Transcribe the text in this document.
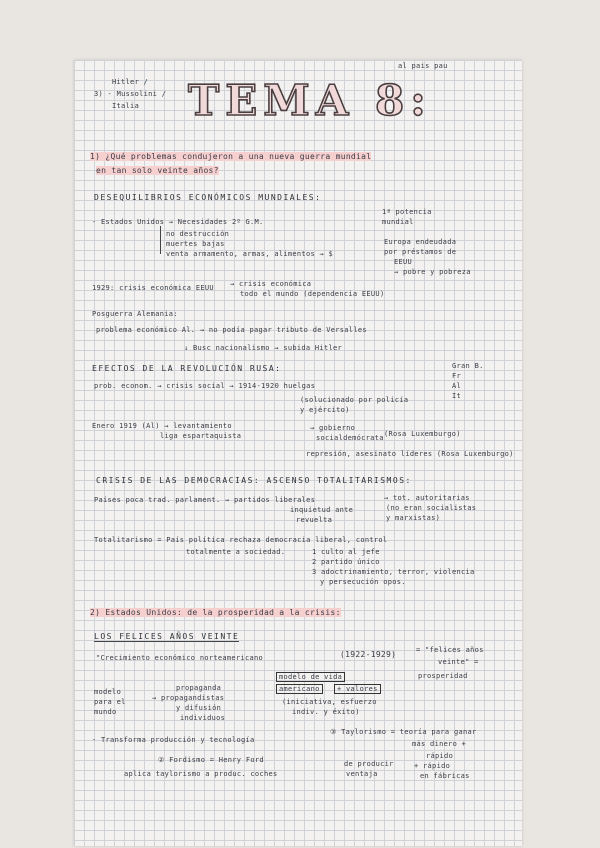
al pais pau
Hitler /
3) - Mussolini /
Italia TEMA 8:
1) ¿Qué problemas condujeron a una nueva guerra mundial
en tan solo veinte años?
DESEQUILIBRIOS ECONÓMICOS MUNDIALES:
- Estados Unidos → Necesidades 2º G.M.
no destrucción
muertes bajas
venta armamento, armas, alimentos → $
1ª potencia
mundial
Europa endeudada
por préstamos de
EEUU
1929: crisis económica EEUU → crisis económica
todo el mundo (dependencia EEUU)
→ pobre y pobreza
Posguerra Alemania:
problema económico Al. → no podía pagar tributo de Versalles
↓ Busc nacionalismo → subida Hitler
EFECTOS DE LA REVOLUCIÓN RUSA:
prob. econom. → crisis social → 1914-1920 huelgas
(solucionado por policía
y ejército)
Gran B.
Fr
Al
It
Enero 1919 (Al) → levantamiento
liga espartaquista
→ gobierno
socialdemócrata (Rosa Luxemburgo)
represión, asesinato líderes (Rosa Luxemburgo)
CRISIS DE LAS DEMOCRACIAS: ASCENSO TOTALITARISMOS:
Países poca trad. parlament. → partidos liberales
inquietud ante
revuelta
→ tot. autoritarias
(no eran socialistas
y marxistas)
Totalitarismo = País política rechaza democracia liberal, control
totalmente a sociedad.	1 culto al jefe
2 partido único
3 adoctrinamiento, terror, violencia
y persecución opos.
2) Estados Unidos: de la prosperidad a la crisis:
LOS FELICES AÑOS VEINTE
"Crecimiento económico norteamericano	(1922-1929)	= "felices años
veinte" =
prosperidad
modelo de vida
americano	+ valores
(iniciativa, esfuerzo
indiv. y éxito)
modelo
para el
mundo
propaganda
→ propagandistas
y difusión
individuos
- Transforma producción y tecnología
③ Taylorismo = teoría para ganar
más dinero +
rápido
de producir
ventaja
+ rápido
en fábricas
② Fordismo = Henry Ford
aplica taylorismo a produc. coches
